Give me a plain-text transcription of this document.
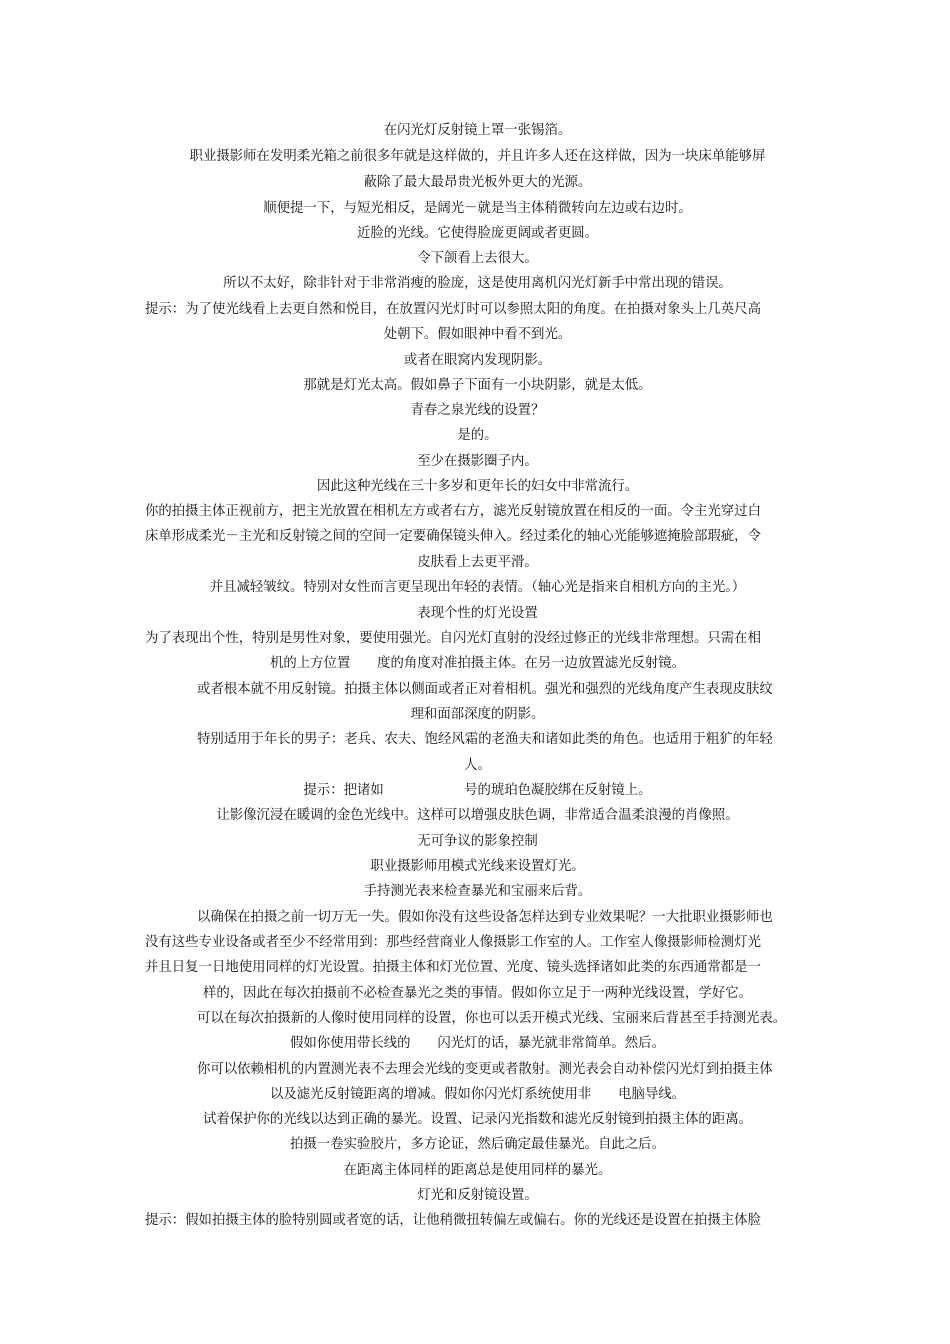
在闪光灯反射镜上罩一张锡箔。
职业摄影师在发明柔光箱之前很多年就是这样做的，并且许多人还在这样做，因为一块床单能够屏
蔽除了最大最昂贵光板外更大的光源。
顺便提一下，与短光相反，是阔光－就是当主体稍微转向左边或右边时。
近脸的光线。它使得脸庞更阔或者更圆。
令下颌看上去很大。
所以不太好，除非针对于非常消瘦的脸庞，这是使用离机闪光灯新手中常出现的错误。
提示：为了使光线看上去更自然和悦目，在放置闪光灯时可以参照太阳的角度。在拍摄对象头上几英尺高
处朝下。假如眼神中看不到光。
或者在眼窝内发现阴影。
那就是灯光太高。假如鼻子下面有一小块阴影，就是太低。
青春之泉光线的设置？
是的。
至少在摄影圈子内。
因此这种光线在三十多岁和更年长的妇女中非常流行。
你的拍摄主体正视前方，把主光放置在相机左方或者右方，滤光反射镜放置在相反的一面。令主光穿过白
床单形成柔光－主光和反射镜之间的空间一定要确保镜头伸入。经过柔化的轴心光能够遮掩脸部瑕疵，令
皮肤看上去更平滑。
并且减轻皱纹。特别对女性而言更呈现出年轻的表情。（轴心光是指来自相机方向的主光。）
表现个性的灯光设置
为了表现出个性，特别是男性对象，要使用强光。自闪光灯直射的没经过修正的光线非常理想。只需在相
机的上方位置　　度的角度对准拍摄主体。在另一边放置滤光反射镜。
或者根本就不用反射镜。拍摄主体以侧面或者正对着相机。强光和强烈的光线角度产生表现皮肤纹
理和面部深度的阴影。
特别适用于年长的男子：老兵、农夫、饱经风霜的老渔夫和诸如此类的角色。也适用于粗犷的年轻
人。
提示：把诸如　　　　　　号的琥珀色凝胶绑在反射镜上。
让影像沉浸在暖调的金色光线中。这样可以增强皮肤色调，非常适合温柔浪漫的肖像照。
无可争议的影象控制
职业摄影师用模式光线来设置灯光。
手持测光表来检查暴光和宝丽来后背。
以确保在拍摄之前一切万无一失。假如你没有这些设备怎样达到专业效果呢？一大批职业摄影师也
没有这些专业设备或者至少不经常用到：那些经营商业人像摄影工作室的人。工作室人像摄影师检测灯光
并且日复一日地使用同样的灯光设置。拍摄主体和灯光位置、光度、镜头选择诸如此类的东西通常都是一
样的，因此在每次拍摄前不必检查暴光之类的事情。假如你立足于一两种光线设置，学好它。
可以在每次拍摄新的人像时使用同样的设置，你也可以丢开模式光线、宝丽来后背甚至手持测光表。
假如你使用带长线的　　闪光灯的话，暴光就非常简单。然后。
你可以依赖相机的内置测光表不去理会光线的变更或者散射。测光表会自动补偿闪光灯到拍摄主体
以及滤光反射镜距离的增减。假如你闪光灯系统使用非　　电脑导线。
试着保护你的光线以达到正确的暴光。设置、记录闪光指数和滤光反射镜到拍摄主体的距离。
拍摄一卷实验胶片，多方论证，然后确定最佳暴光。自此之后。
在距离主体同样的距离总是使用同样的暴光。
灯光和反射镜设置。
提示：假如拍摄主体的脸特别圆或者宽的话，让他稍微扭转偏左或偏右。你的光线还是设置在拍摄主体脸
